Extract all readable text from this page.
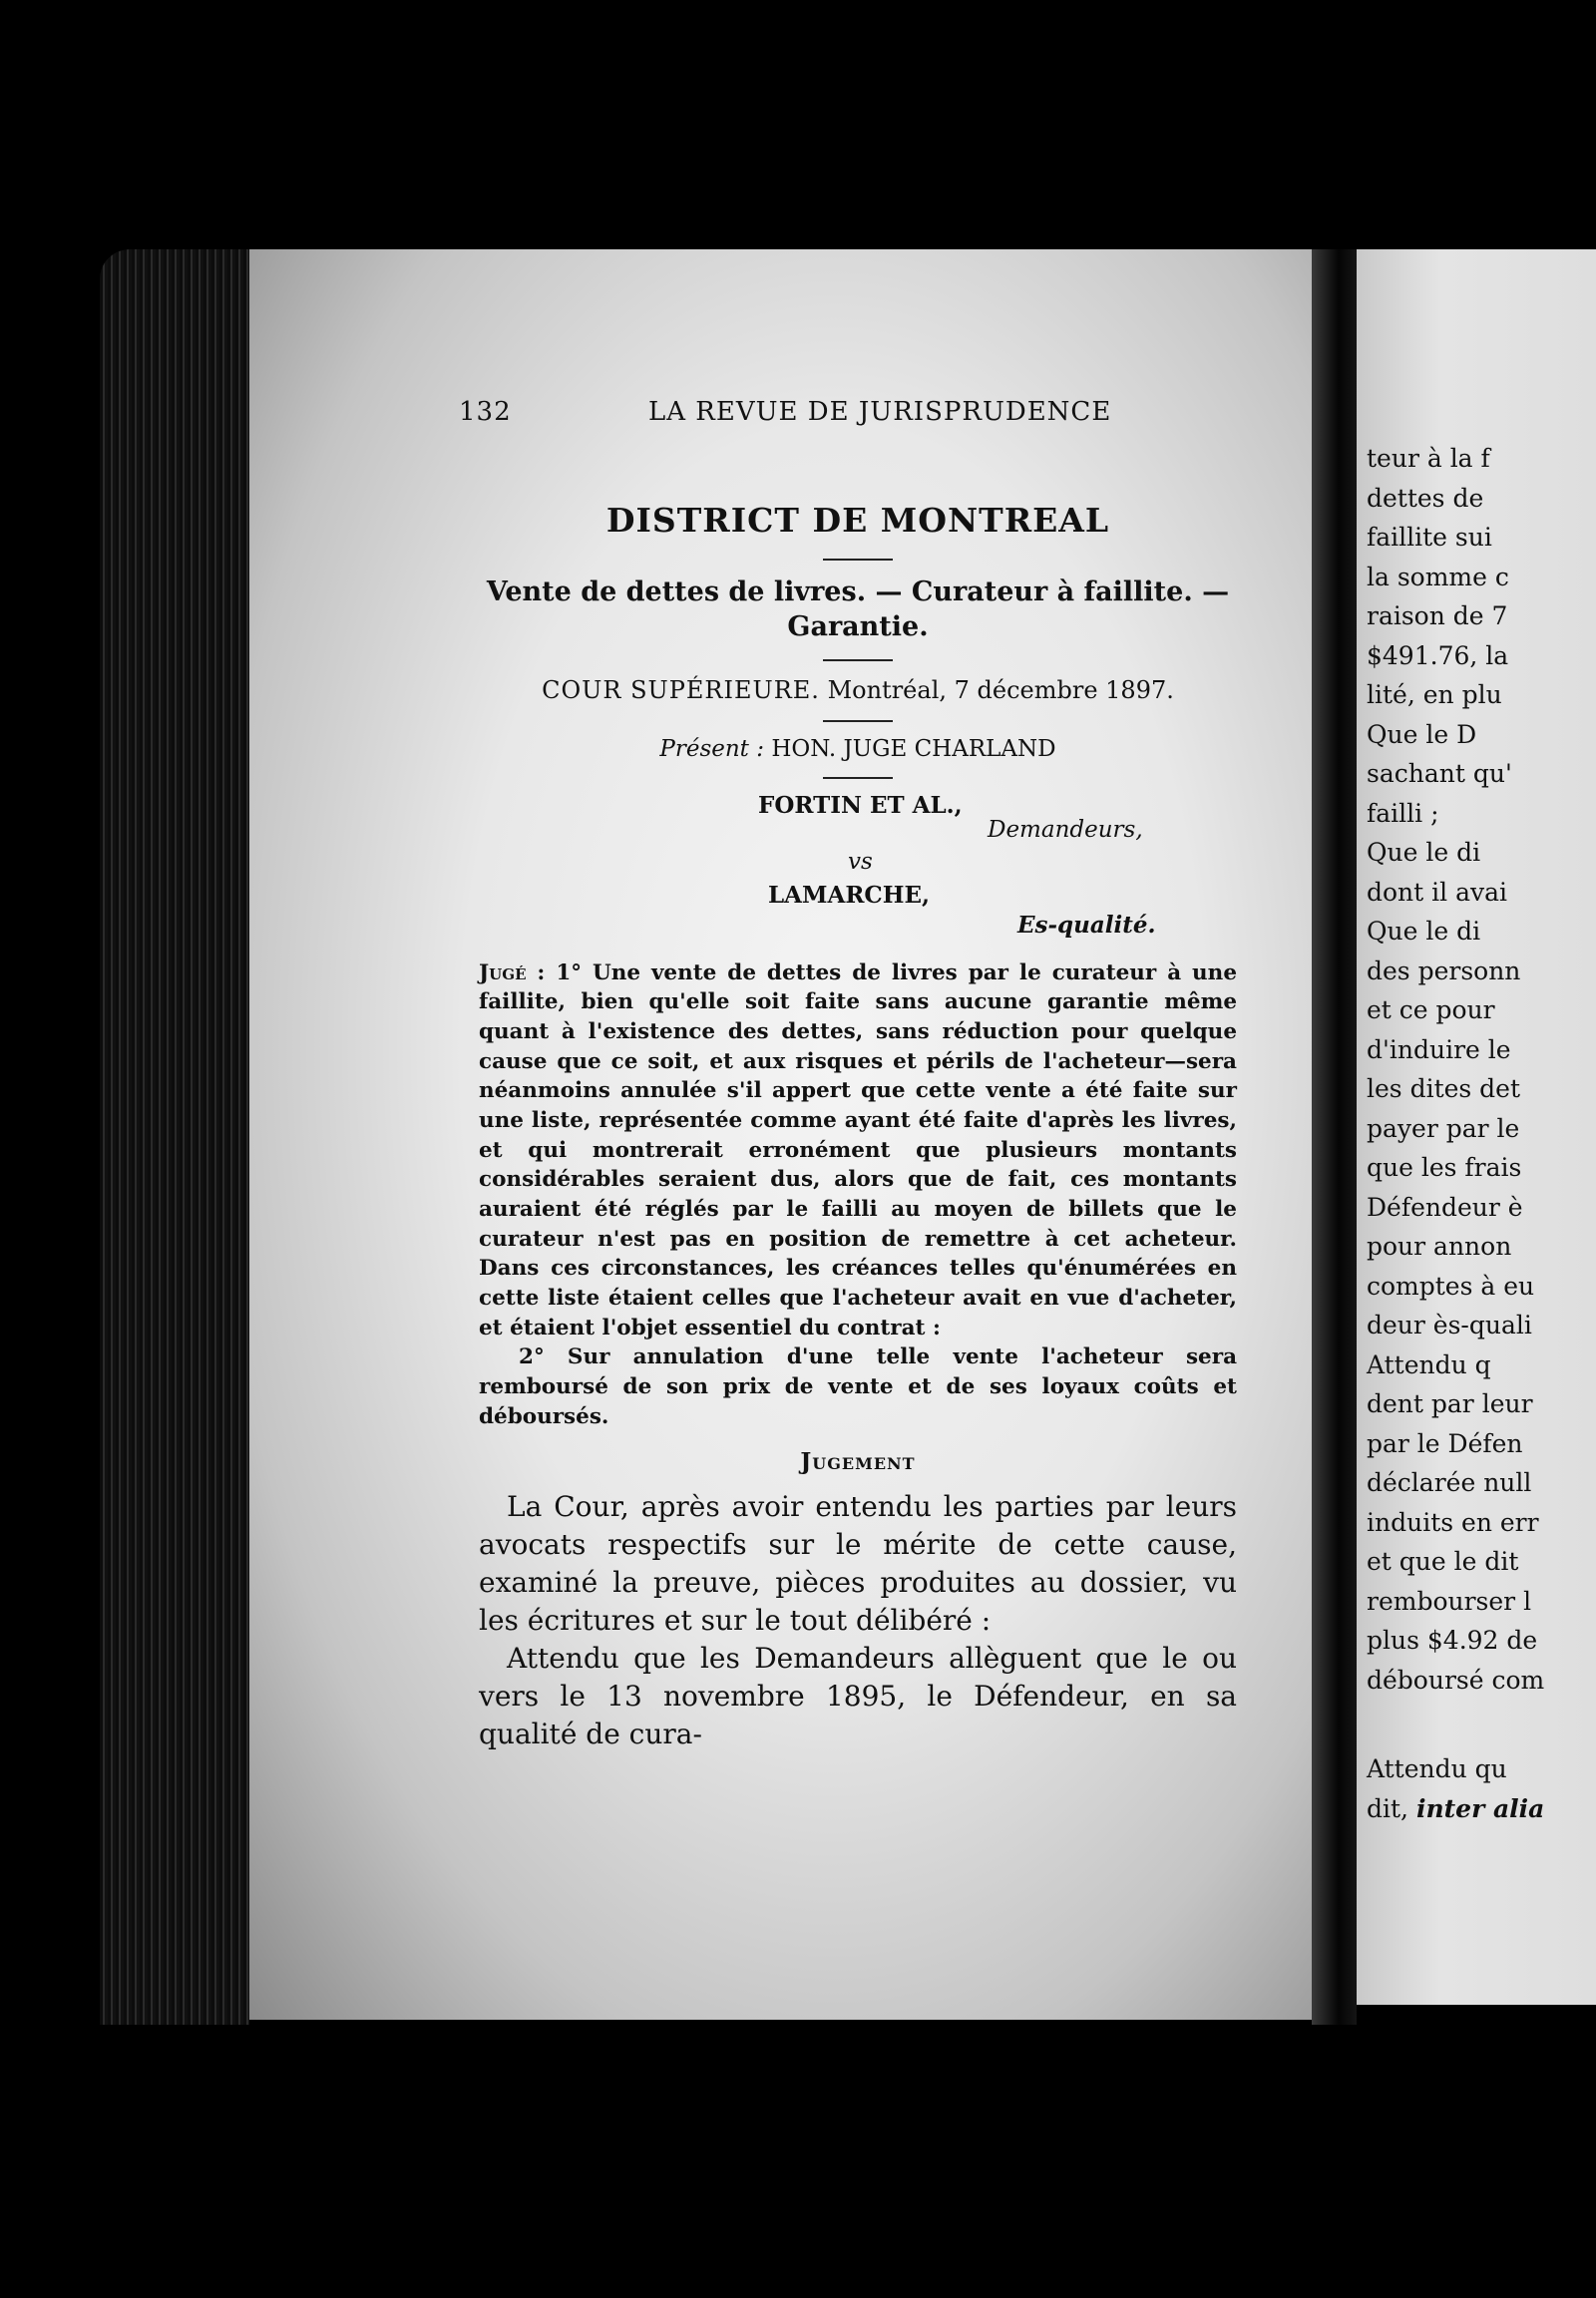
132	LA REVUE DE JURISPRUDENCE
DISTRICT DE MONTREAL
Vente de dettes de livres. — Curateur à faillite. — Garantie.
COUR SUPÉRIEURE. Montréal, 7 décembre 1897.
Présent : HON. JUGE CHARLAND
FORTIN ET AL.,
Demandeurs,
vs
LAMARCHE,
Es-qualité.

Jugé : 1° Une vente de dettes de livres par le curateur à une faillite, bien qu'elle soit faite sans aucune garantie même quant à l'existence des dettes, sans réduction pour quelque cause que ce soit, et aux risques et périls de l'acheteur—sera néanmoins annulée s'il appert que cette vente a été faite sur une liste, représentée comme ayant été faite d'après les livres, et qui montrerait erronément que plusieurs montants considérables seraient dus, alors que de fait, ces montants auraient été réglés par le failli au moyen de billets que le curateur n'est pas en position de remettre à cet acheteur. Dans ces circonstances, les créances telles qu'énumérées en cette liste étaient celles que l'acheteur avait en vue d'acheter, et étaient l'objet essentiel du contrat :

2° Sur annulation d'une telle vente l'acheteur sera remboursé de son prix de vente et de ses loyaux coûts et déboursés.

Jugement

La Cour, après avoir entendu les parties par leurs avocats respectifs sur le mérite de cette cause, examiné la preuve, pièces produites au dossier, vu les écritures et sur le tout délibéré :

Attendu que les Demandeurs allèguent que le ou vers le 13 novembre 1895, le Défendeur, en sa qualité de cura-

teur à la f
dettes de
faillite sui
la somme c
raison de 7
$491.76, la
lité, en plu
Que le D
sachant qu'
failli ;
Que le di
dont il avai
Que le di
des personn
et ce pour
d'induire le
les dites det
payer par le
que les frais
Défendeur è
pour annon
comptes à eu
deur ès-quali
Attendu q
dent par leur
par le Défen
déclarée null
induits en err
et que le dit
rembourser l
plus $4.92 de
déboursé com
Attendu qu
dit, inter alia
